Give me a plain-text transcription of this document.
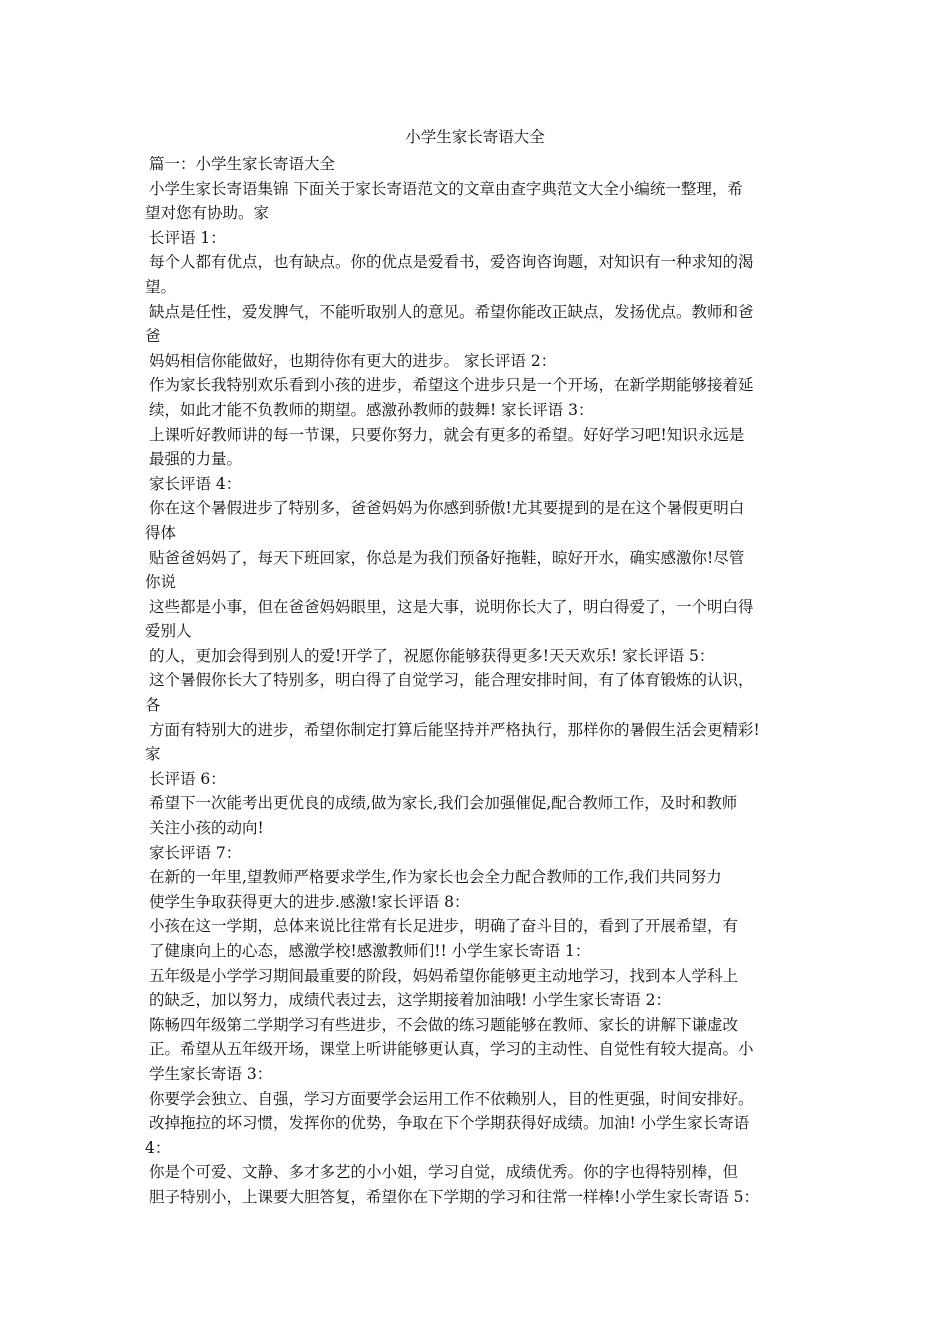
小学生家长寄语大全
篇一：小学生家长寄语大全
小学生家长寄语集锦 下面关于家长寄语范文的文章由查字典范文大全小编统一整理，希
望对您有协助。家
长评语 1：
每个人都有优点，也有缺点。你的优点是爱看书，爱咨询咨询题，对知识有一种求知的渴
望。
缺点是任性，爱发脾气，不能听取别人的意见。希望你能改正缺点，发扬优点。教师和爸
爸
妈妈相信你能做好，也期待你有更大的进步。 家长评语 2：
作为家长我特别欢乐看到小孩的进步，希望这个进步只是一个开场，在新学期能够接着延
续，如此才能不负教师的期望。感激孙教师的鼓舞! 家长评语 3：
上课听好教师讲的每一节课，只要你努力，就会有更多的希望。好好学习吧!知识永远是
最强的力量。
家长评语 4：
你在这个暑假进步了特别多，爸爸妈妈为你感到骄傲!尤其要提到的是在这个暑假更明白
得体
贴爸爸妈妈了，每天下班回家，你总是为我们预备好拖鞋，晾好开水，确实感激你!尽管
你说
这些都是小事，但在爸爸妈妈眼里，这是大事，说明你长大了，明白得爱了，一个明白得
爱别人
的人，更加会得到别人的爱!开学了，祝愿你能够获得更多!天天欢乐! 家长评语 5：
这个暑假你长大了特别多，明白得了自觉学习，能合理安排时间，有了体育锻炼的认识，
各
方面有特别大的进步，希望你制定打算后能坚持并严格执行，那样你的暑假生活会更精彩!
家
长评语 6：
希望下一次能考出更优良的成绩,做为家长,我们会加强催促,配合教师工作，及时和教师
关注小孩的动向!
家长评语 7：
在新的一年里,望教师严格要求学生,作为家长也会全力配合教师的工作,我们共同努力
使学生争取获得更大的进步.感激!家长评语 8：
小孩在这一学期，总体来说比往常有长足进步，明确了奋斗目的，看到了开展希望，有
了健康向上的心态，感激学校!感激教师们!! 小学生家长寄语 1：
五年级是小学学习期间最重要的阶段，妈妈希望你能够更主动地学习，找到本人学科上
的缺乏，加以努力，成绩代表过去，这学期接着加油哦! 小学生家长寄语 2：
陈畅四年级第二学期学习有些进步，不会做的练习题能够在教师、家长的讲解下谦虚改
正。希望从五年级开场，课堂上听讲能够更认真，学习的主动性、自觉性有较大提高。小
学生家长寄语 3：
你要学会独立、自强，学习方面要学会运用工作不依赖别人，目的性更强，时间安排好。
改掉拖拉的坏习惯，发挥你的优势，争取在下个学期获得好成绩。加油! 小学生家长寄语
4：
你是个可爱、文静、多才多艺的小小姐，学习自觉，成绩优秀。你的字也得特别棒，但
胆子特别小，上课要大胆答复，希望你在下学期的学习和往常一样棒!小学生家长寄语 5：
